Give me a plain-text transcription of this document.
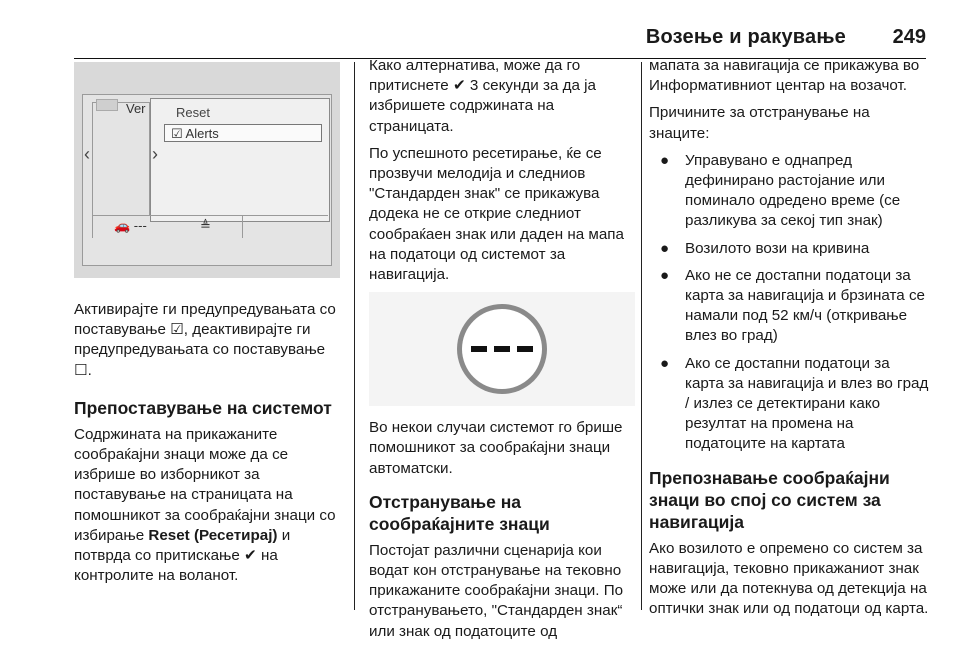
Возење и ракување 249
Ver Reset
☑ Alerts
‹	›
🚗 ---	≜

Активирајте ги предупредувањата со поставување ☑, деактивирајте ги предупредувањата со поставување ☐.

Препоставување на системот

Содржината на прикажаните сообраќајни знаци може да се избрише во изборникот за поставување на страницата на помошникот за сообраќајни знаци со избирање Reset (Ресетирај) и потврда со притискање ✔ на контролите на воланот.

Како алтернатива, може да го притиснете ✔ 3 секунди за да ја избришете содржината на страницата.

По успешното ресетирање, ќе се прозвучи мелодија и следниов "Стандарден знак" се прикажува додека не се открие следниот сообраќаен знак или даден на мапа на податоци од системот за навигација.

Во некои случаи системот го брише помошникот за сообраќајни знаци автоматски.

Отстранување на сообраќајните знаци

Постојат различни сценарија кои водат кон отстранување на тековно прикажаните сообраќајни знаци. По отстранувањето, "Стандарден знак“ или знак од податоците од

мапата за навигација се прикажува во Информативниот центар на возачот.

Причините за отстранување на знаците:

● Управувано е однапред дефинирано растојание или поминало одредено време (се разликува за секој тип знак)
● Возилото вози на кривина
● Ако не се достапни податоци за карта за навигација и брзината се намали под 52 км/ч (откривање влез во град)
● Ако се достапни податоци за карта за навигација и влез во град / излез се детектирани како резултат на промена на податоците на картата
Препознавање сообраќајни знаци во спој со систем за навигација

Ако возилото е опремено со систем за навигација, тековно прикажаниот знак може или да потекнува од детекција на оптички знак или од податоци од карта.
